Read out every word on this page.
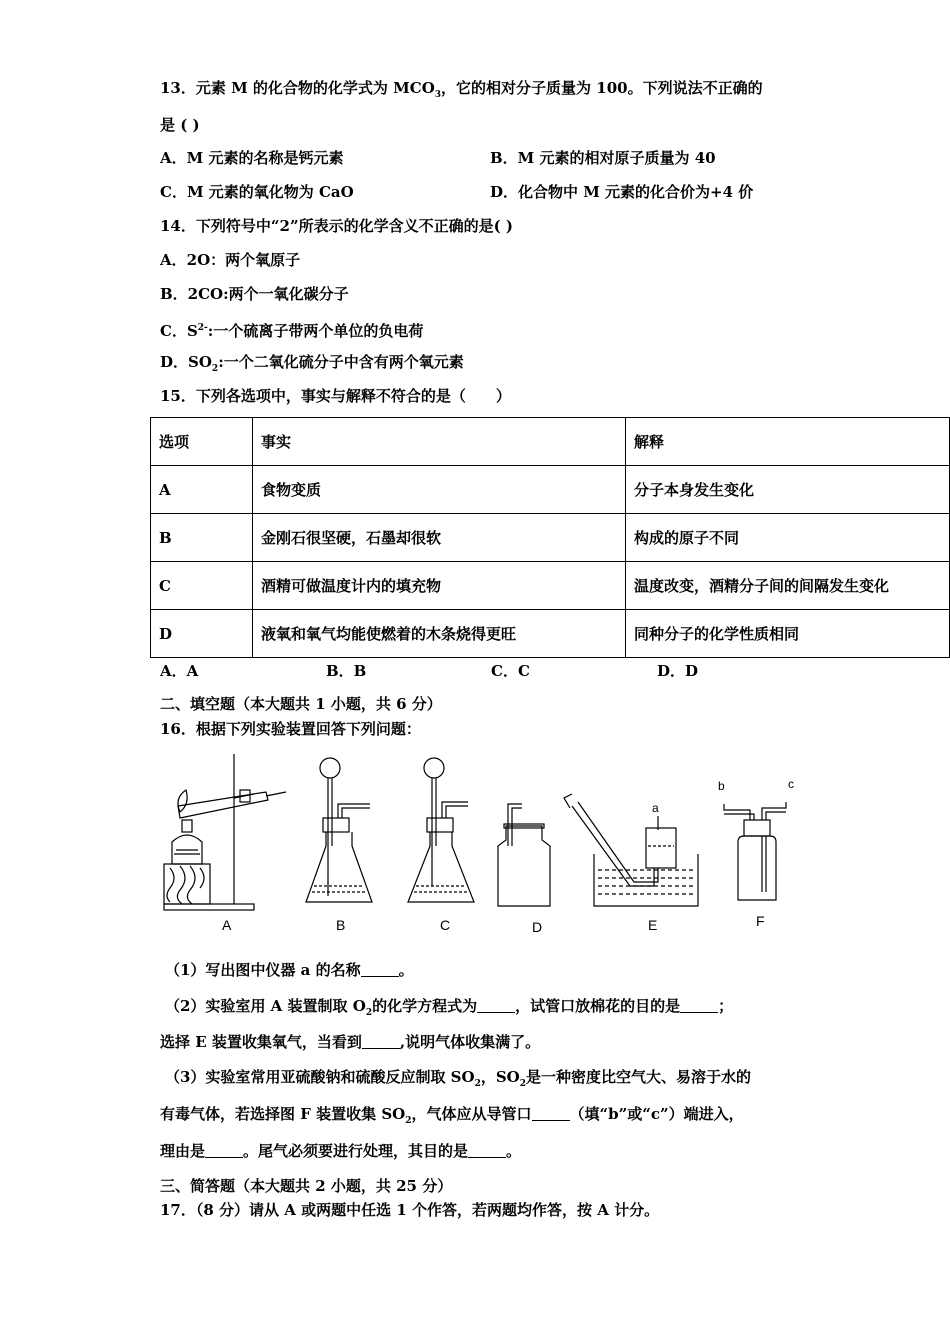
13．元素 M 的化合物的化学式为 $MCO_3$，它的相对分子质量为 100。下列说法不正确的
是 ( )
A．M 元素的名称是钙元素	B．M 元素的相对原子质量为 40
C．M 元素的氧化物为 CaO	D．化合物中 M 元素的化合价为+4 价
14．下列符号中“2”所表示的化学含义不正确的是( )
A．2O：两个氧原子
B．2CO:两个一氧化碳分子
C．$S^{2-}$:一个硫离子带两个单位的负电荷
D．$SO_2$:一个二氧化硫分子中含有两个氧元素
15．下列各选项中，事实与解释不符合的是（　　）
选项	事实	解释
A	食物变质	分子本身发生变化
B	金刚石很坚硬，石墨却很软	构成的原子不同
C	酒精可做温度计内的填充物	温度改变，酒精分子间的间隔发生变化
D	液氧和氧气均能使燃着的木条烧得更旺	同种分子的化学性质相同
A．A	B．B	C．C	D．D
二、填空题（本大题共 1 小题，共 6 分）
16．根据下列实验装置回答下列问题：
A	B	C	D	E	F
a
b	c
（1）写出图中仪器 a 的名称	。
（2）实验室用 A 装置制取 $O_2$的化学方程式为	，试管口放棉花的目的是	；
选择 E 装置收集氧气，当看到	,说明气体收集满了。
（3）实验室常用亚硫酸钠和硫酸反应制取 $SO_2$，$SO_2$是一种密度比空气大、易溶于水的
有毒气体，若选择图 F 装置收集 $SO_2$，气体应从导管口	（填“b”或“c”）端进入，
理由是	。尾气必须要进行处理，其目的是	。
三、简答题（本大题共 2 小题，共 25 分）
17．（8 分）请从 A 或两题中任选 1 个作答，若两题均作答，按 A 计分。
